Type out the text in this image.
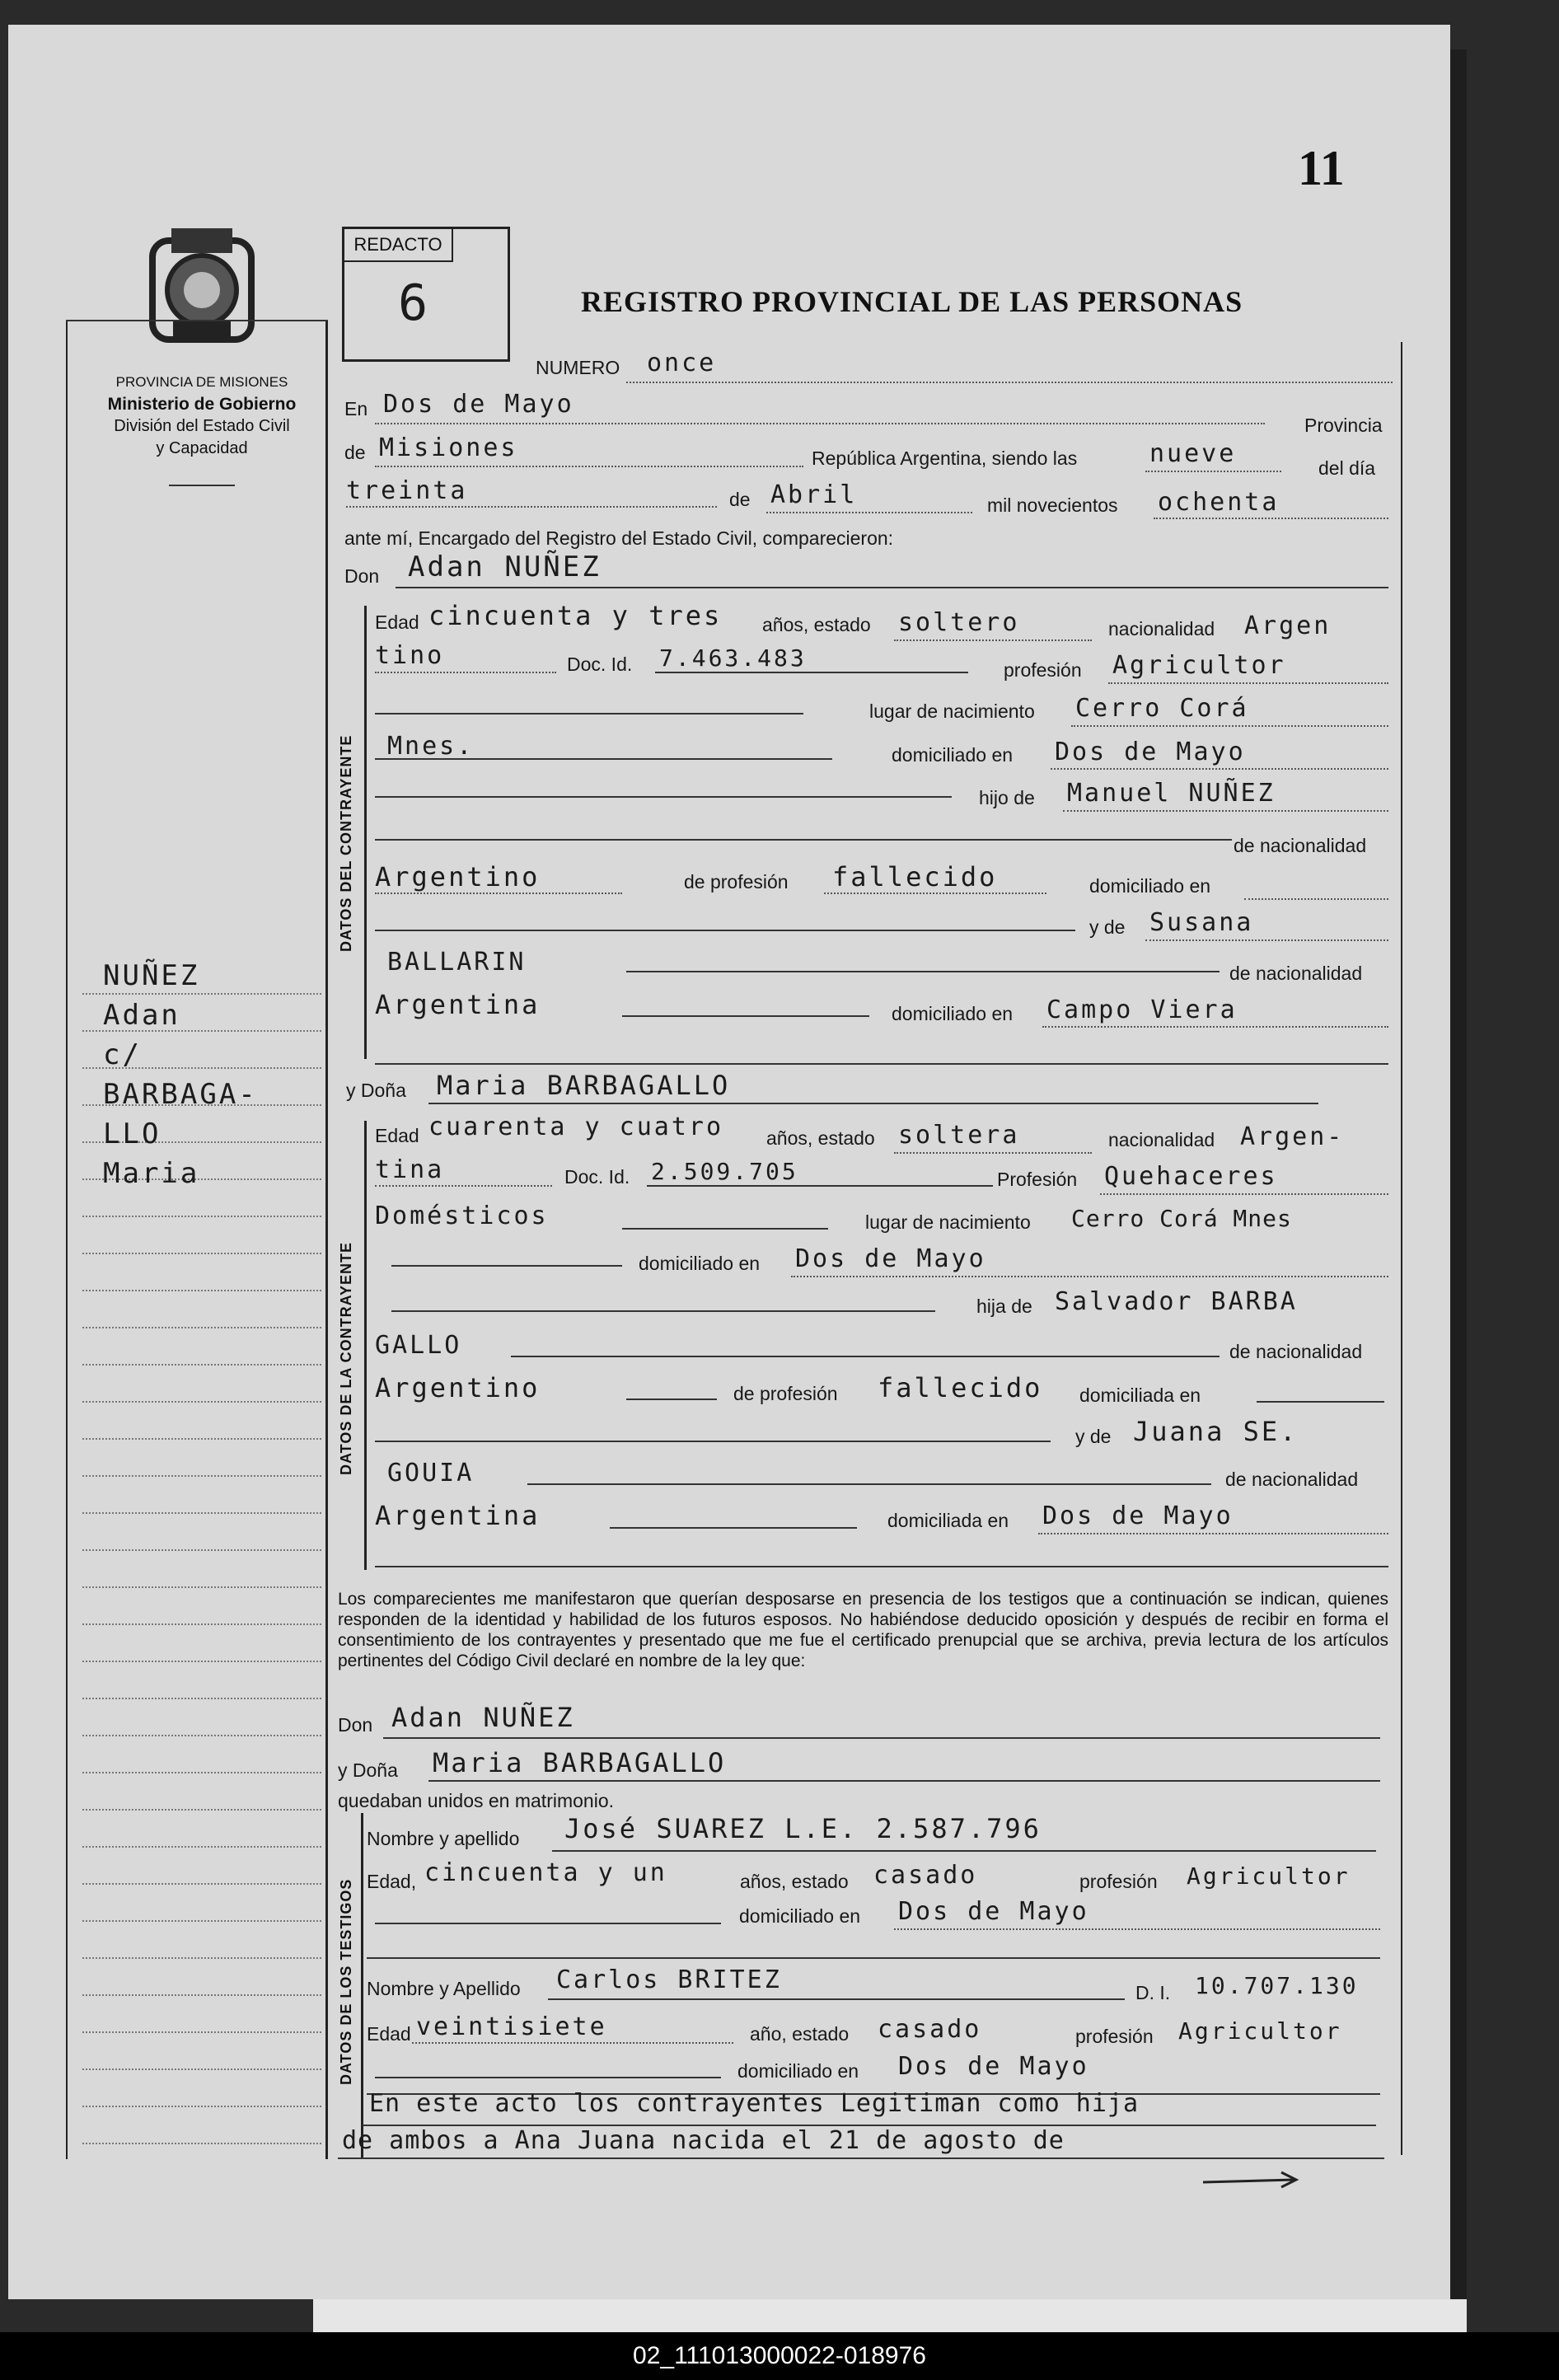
11
PROVINCIA DE MISIONES
Ministerio de Gobierno
División del Estado Civil
y Capacidad
NUÑEZ
Adan
c/
BARBAGA-
LLO
Maria
REDACTO
6	REGISTRO PROVINCIAL DE LAS PERSONAS
NUMERO once
En Dos de Mayo
Provincia
de Misiones	República Argentina, siendo las	nueve	del día
treinta	de Abril	mil novecientos ochenta
ante mí, Encargado del Registro del Estado Civil, comparecieron:
Don Adan NUÑEZ
DATOS DEL CONTRAYENTE
Edad cincuenta y tres años, estado soltero	nacionalidad Argen
tino	Doc. Id. 7.463.483	profesión Agricultor
lugar de nacimiento Cerro Corá
Mnes.	domiciliado en Dos de Mayo
hijo de Manuel NUÑEZ
de nacionalidad
Argentino	de profesión fallecido	domiciliado en
y de Susana
BALLARIN	de nacionalidad
Argentina	domiciliado en Campo Viera
y Doña Maria BARBAGALLO
DATOS DE LA CONTRAYENTE
Edad cuarenta y cuatro años, estado soltera	nacionalidad Argen-
tina	Doc. Id. 2.509.705	Profesión Quehaceres
Domésticos	lugar de nacimiento Cerro Corá Mnes
domiciliado en Dos de Mayo
hija de Salvador BARBA
GALLO	de nacionalidad
Argentino	de profesión fallecido domiciliada en
y de Juana SE.
GOUIA	de nacionalidad
Argentina	domiciliada en Dos de Mayo
Los comparecientes me manifestaron que querían desposarse en presencia de los testigos que a continuación se indican, quienes responden de la identidad y habilidad de los futuros esposos. No habiéndose deducido oposición y después de recibir en forma el consentimiento de los contrayentes y presentado que me fue el certificado prenupcial que se archiva, previa lectura de los artículos pertinentes del Código Civil declaré en nombre de la ley que:
Don Adan NUÑEZ
y Doña Maria BARBAGALLO
quedaban unidos en matrimonio.
DATOS DE LOS TESTIGOS
Nombre y apellido José SUAREZ L.E. 2.587.796
Edad, cincuenta y un	años, estado casado	profesión Agricultor
domiciliado en Dos de Mayo
Nombre y Apellido Carlos BRITEZ	D. I. 10.707.130
Edad veintisiete	año, estado casado	profesión Agricultor
domiciliado en Dos de Mayo
En este acto los contrayentes Legitiman como hija
de ambos a Ana Juana nacida el 21 de agosto de
02_111013000022-018976
